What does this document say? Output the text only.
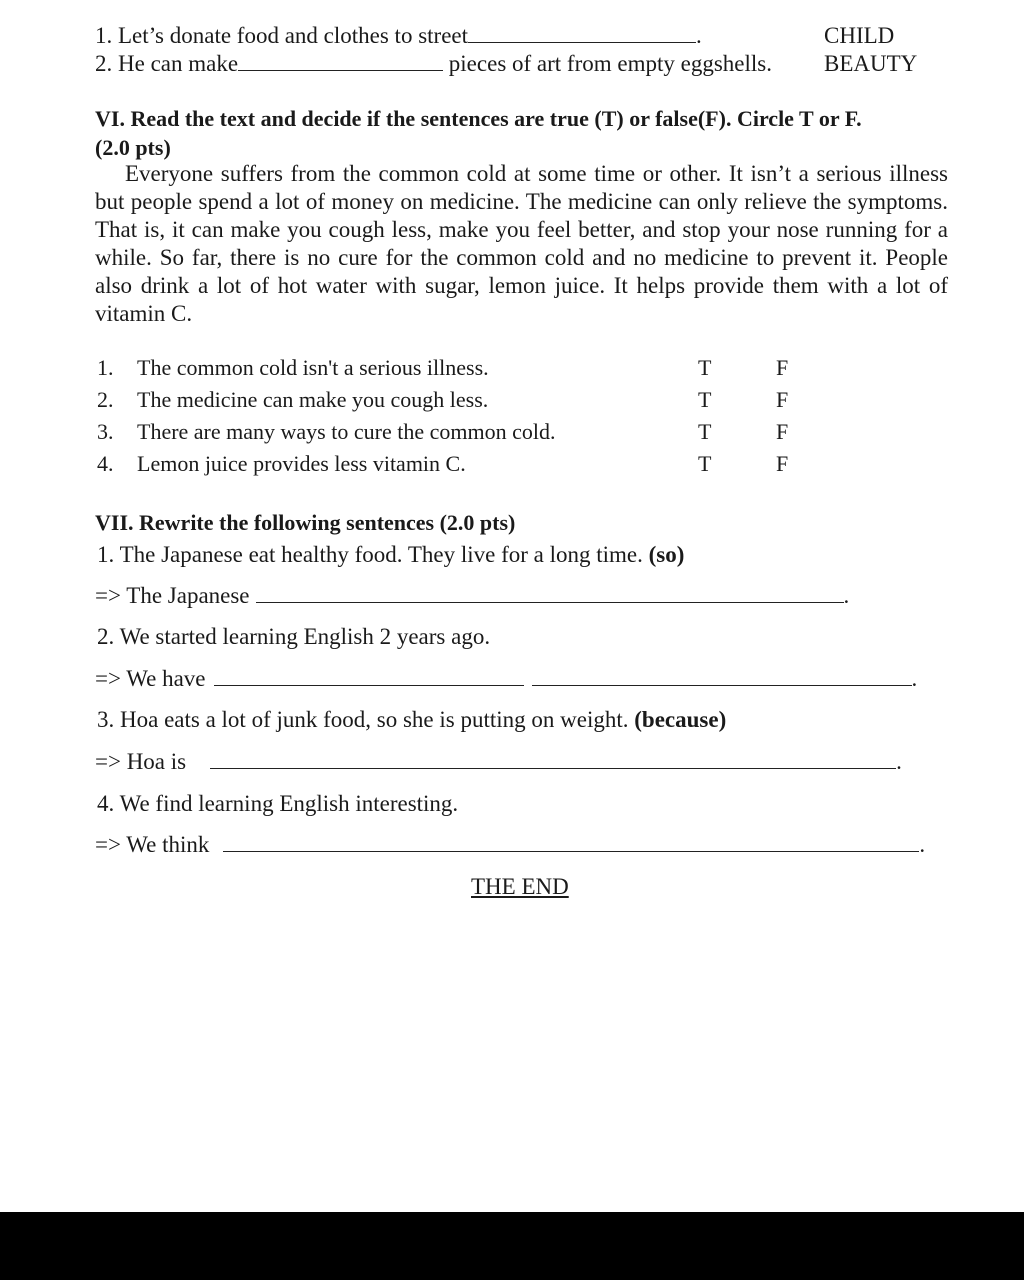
1. Let’s donate food and clothes to street	.	CHILD
2. He can make	pieces of art from empty eggshells. BEAUTY
VI. Read the text and decide if the sentences are true (T) or false(F). Circle T or F.
(2.0 pts)
Everyone suffers from the common cold at some time or other. It isn’t a serious illness but people spend a lot of money on medicine. The medicine can only relieve the symptoms. That is, it can make you cough less, make you feel better, and stop your nose running for a while. So far, there is no cure for the common cold and no medicine to prevent it. People also drink a lot of hot water with sugar, lemon juice. It helps provide them with a lot of vitamin C.
1. The common cold isn't a serious illness.	T	F
2. The medicine can make you cough less.	T	F
3. There are many ways to cure the common cold.	T	F
4. Lemon juice provides less vitamin C.	T	F
VII. Rewrite the following sentences (2.0 pts)
1. The Japanese eat healthy food. They live for a long time. (so)
=> The Japanese	.
2. We started learning English 2 years ago.
=> We have	.
3. Hoa eats a lot of junk food, so she is putting on weight. (because)
=> Hoa is	.
4. We find learning English interesting.
=> We think	.
THE END
